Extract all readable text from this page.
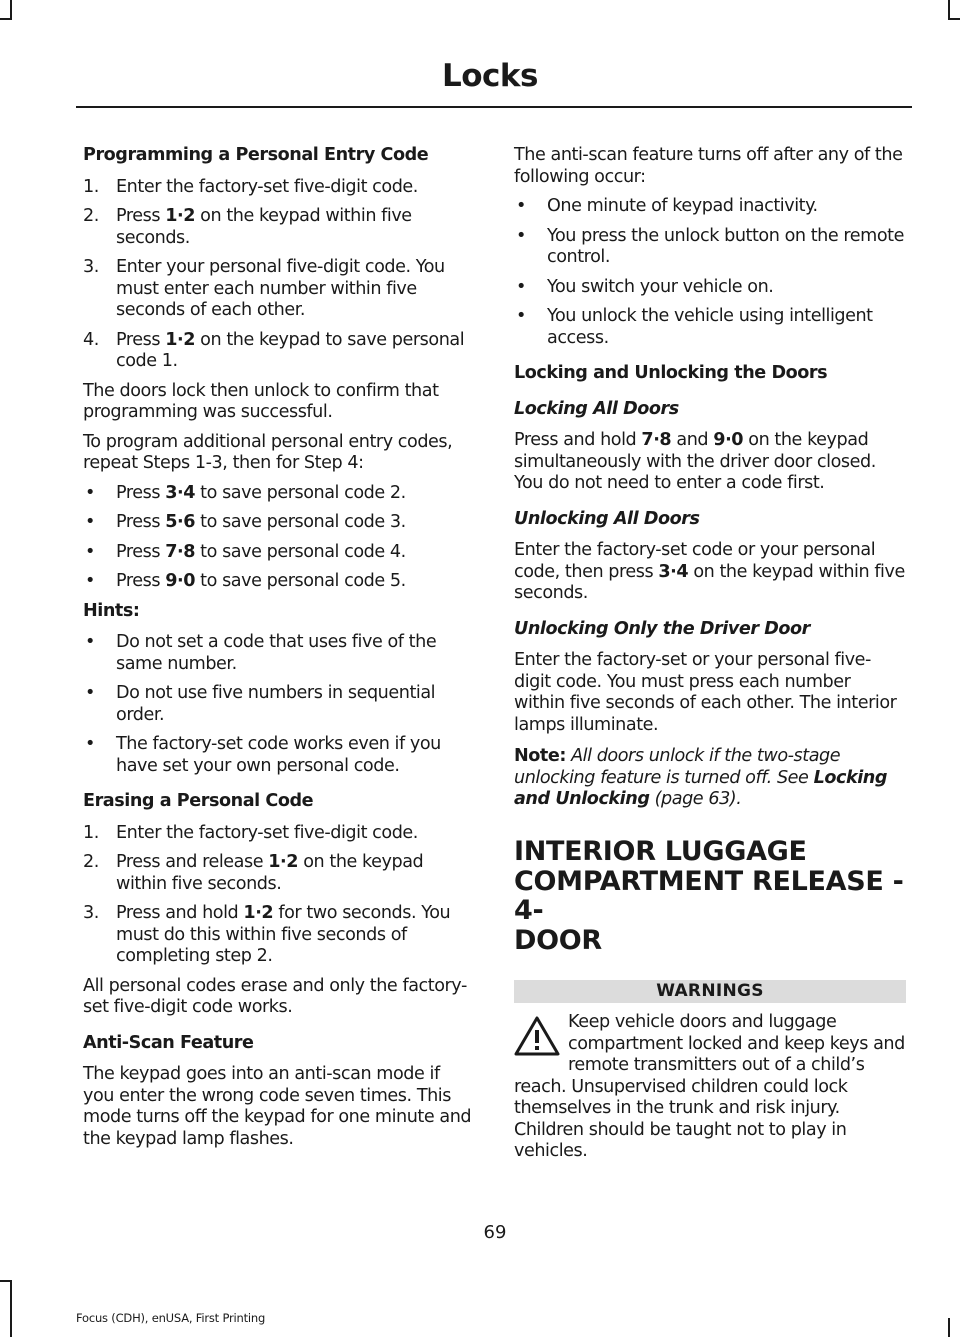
Locks
Programming a Personal Entry Code
1. Enter the factory-set five-digit code.
2. Press 1·2 on the keypad within five seconds.
3. Enter your personal five-digit code. You must enter each number within five seconds of each other.
4. Press 1·2 on the keypad to save personal code 1.

The doors lock then unlock to confirm that programming was successful.

To program additional personal entry codes, repeat Steps 1-3, then for Step 4:

• Press 3·4 to save personal code 2.
• Press 5·6 to save personal code 3.
• Press 7·8 to save personal code 4.
• Press 9·0 to save personal code 5.
Hints:
• Do not set a code that uses five of the same number.
• Do not use five numbers in sequential order.
• The factory-set code works even if you have set your own personal code.
Erasing a Personal Code
1. Enter the factory-set five-digit code.
2. Press and release 1·2 on the keypad within five seconds.
3. Press and hold 1·2 for two seconds. You must do this within five seconds of completing step 2.

All personal codes erase and only the factory-set five-digit code works.

Anti-Scan Feature

The keypad goes into an anti-scan mode if you enter the wrong code seven times. This mode turns off the keypad for one minute and the keypad lamp flashes.

The anti-scan feature turns off after any of the following occur:

• One minute of keypad inactivity.
• You press the unlock button on the remote control.
• You switch your vehicle on.
• You unlock the vehicle using intelligent access.
Locking and Unlocking the Doors
Locking All Doors

Press and hold 7·8 and 9·0 on the keypad simultaneously with the driver door closed. You do not need to enter a code first.

Unlocking All Doors

Enter the factory-set code or your personal code, then press 3·4 on the keypad within five seconds.

Unlocking Only the Driver Door

Enter the factory-set or your personal five-digit code. You must press each number within five seconds of each other. The interior lamps illuminate.

Note: All doors unlock if the two-stage unlocking feature is turned off. See Locking and Unlocking (page 63).

INTERIOR LUGGAGE
COMPARTMENT RELEASE - 4-
DOOR
WARNINGS
Keep vehicle doors and luggage compartment locked and keep keys and remote transmitters out of a child’s reach. Unsupervised children could lock themselves in the trunk and risk injury. Children should be taught not to play in vehicles.
69
Focus (CDH), enUSA, First Printing
